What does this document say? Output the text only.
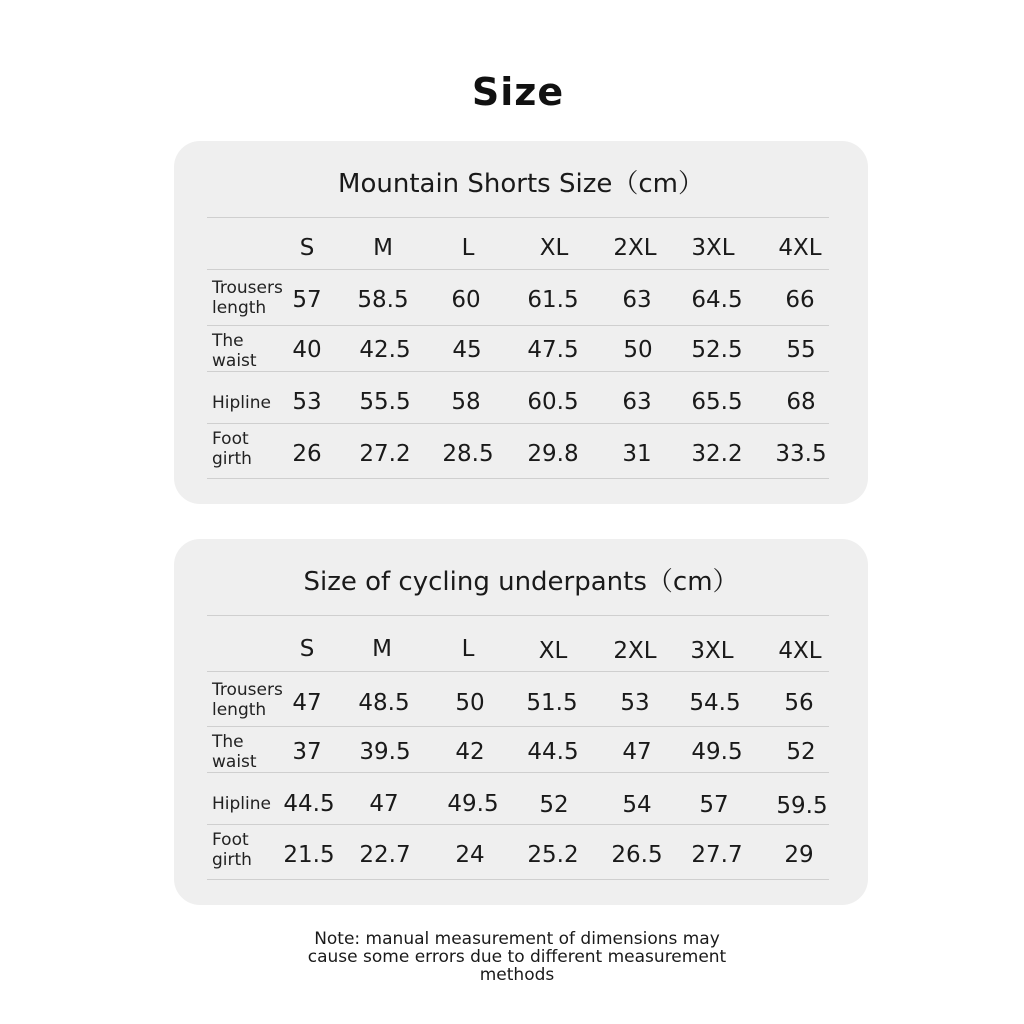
Size
Mountain Shorts Size（cm）
S	M	L	XL	2XL	3XL	4XL
Trousers
length	57	58.5	60	61.5	63	64.5	66
The
waist	40	42.5	45	47.5	50	52.5	55
Hipline 53	55.5	58	60.5	63	65.5	68
Foot
girth	26	27.2	28.5	29.8	31	32.2	33.5
Size of cycling underpants（cm）
S	M	L	XL	2XL	3XL	4XL
Trousers
length	47	48.5	50	51.5	53	54.5	56
The
waist	37	39.5	42	44.5	47	49.5	52
Hipline 44.5	47	49.5	52	54	57	59.5
Foot
girth	21.5	22.7	24	25.2	26.5	27.7	29
Note: manual measurement of dimensions may
cause some errors due to different measurement
methods
